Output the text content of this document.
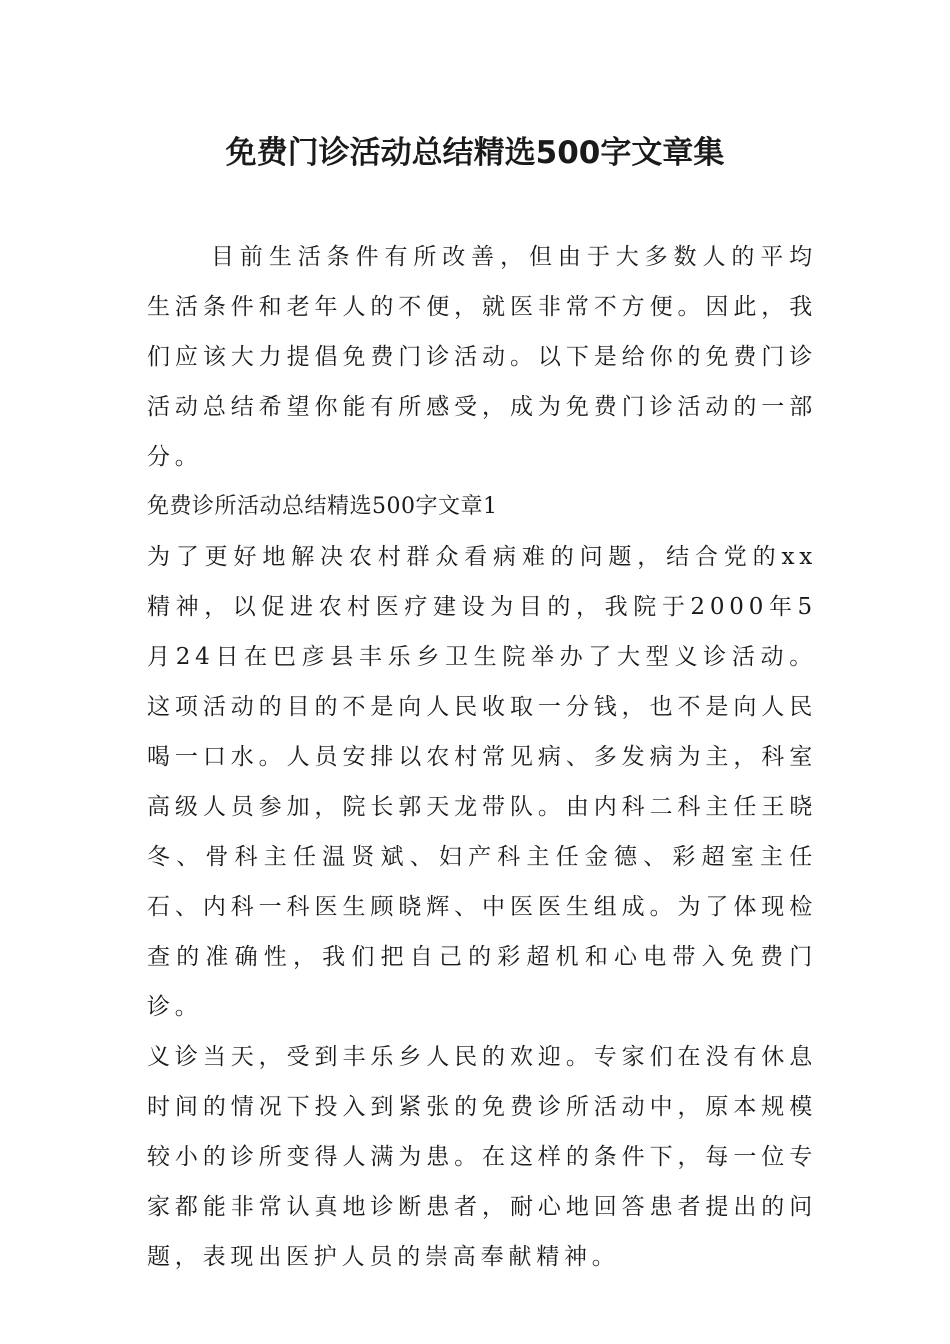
免费门诊活动总结精选500字文章集

目前生活条件有所改善，但由于大多数人的平均生活条件和老年人的不便，就医非常不方便。因此，我们应该大力提倡免费门诊活动。以下是给你的免费门诊活动总结希望你能有所感受，成为免费门诊活动的一部分。

免费诊所活动总结精选500字文章1

为了更好地解决农村群众看病难的问题，结合党的xx精神，以促进农村医疗建设为目的，我院于2000年5月24日在巴彦县丰乐乡卫生院举办了大型义诊活动。这项活动的目的不是向人民收取一分钱，也不是向人民喝一口水。人员安排以农村常见病、多发病为主，科室高级人员参加，院长郭天龙带队。由内科二科主任王晓冬、骨科主任温贤斌、妇产科主任金德、彩超室主任石、内科一科医生顾晓辉、中医医生组成。为了体现检查的准确性，我们把自己的彩超机和心电带入免费门诊。

义诊当天，受到丰乐乡人民的欢迎。专家们在没有休息时间的情况下投入到紧张的免费诊所活动中，原本规模较小的诊所变得人满为患。在这样的条件下，每一位专家都能非常认真地诊断患者，耐心地回答患者提出的问题，表现出医护人员的崇高奉献精神。
